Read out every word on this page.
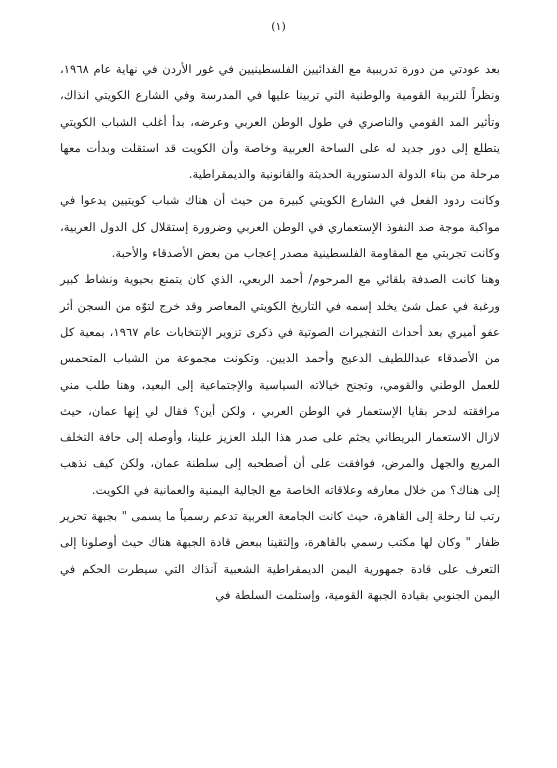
(١)

بعد عودتي من دورة تدريبية مع الفدائيين الفلسطينيين في غور الأردن في نهاية عام ١٩٦٨، ونظراً للتربية القومية والوطنية التي تربينا عليها في المدرسة وفي الشارع الكويتي انذاك، وتأثير المد القومي والناصري في طول الوطن العربي وعرضه، بدأ أغلب الشباب الكويتي يتطلع إلى دور جديد له على الساحة العربية وخاصة وأن الكويت قد استقلت وبدأت معها مرحلة من بناء الدولة الدستورية الحديثة والقانونية والديمقراطية.

وكانت ردود الفعل في الشارع الكويتي كبيرة من حيث أن هناك شباب كويتيين يدعوا في مواكبة موجة صد النفوذ الإستعماري في الوطن العربي وضرورة إستقلال كل الدول العربية، وكانت تجربتي مع المقاومة الفلسطينية مصدر إعجاب من بعض الأصدقاء والأحبة.

وهنا كانت الصدفة بلقائي مع المرحوم/ أحمد الربعي، الذي كان يتمتع بحيوية ونشاط كبير ورغبة في عمل شئ يخلد إسمه في التاريخ الكويتي المعاصر وقد خرج لتوّه من السجن أثر عفو أميري بعد أحداث التفجيرات الصوتية في ذكرى تزوير الإنتخابات عام ١٩٦٧، بمعية كل من الأصدقاء عبداللطيف الدعيج وأحمد الديين. وتكونت مجموعة من الشباب المتحمس للعمل الوطني والقومي، وتجنح خيالاته السياسية والإجتماعية إلى البعيد، وهنا طلب مني مرافقته لدحر بقايا الإستعمار في الوطن العربي ، ولكن أين؟ فقال لي إنها عمان، حيث لازال الاستعمار البريطاني يجثم على صدر هذا البلد العزيز علينا، وأوصله إلى حافة التخلف المريع والجهل والمرض، فوافقت على أن أصطحبه إلى سلطنة عمان، ولكن كيف نذهب إلى هناك؟ من خلال معارفه وعلاقاته الخاصة مع الجالية اليمنية والعمانية في الكويت.

رتب لنا رحلة إلى القاهرة، حيث كانت الجامعة العربية تدعم رسمياً ما يسمى " بجبهة تحرير ظفار " وكان لها مكتب رسمي بالقاهرة، وإلتقينا ببعض قادة الجبهة هناك حيث أوصلونا إلى التعرف على قادة جمهورية اليمن الديمقراطية الشعبية آنذاك التي سيطرت الحكم في اليمن الجنوبي بقيادة الجبهة القومية، وإستلمت السلطة في
